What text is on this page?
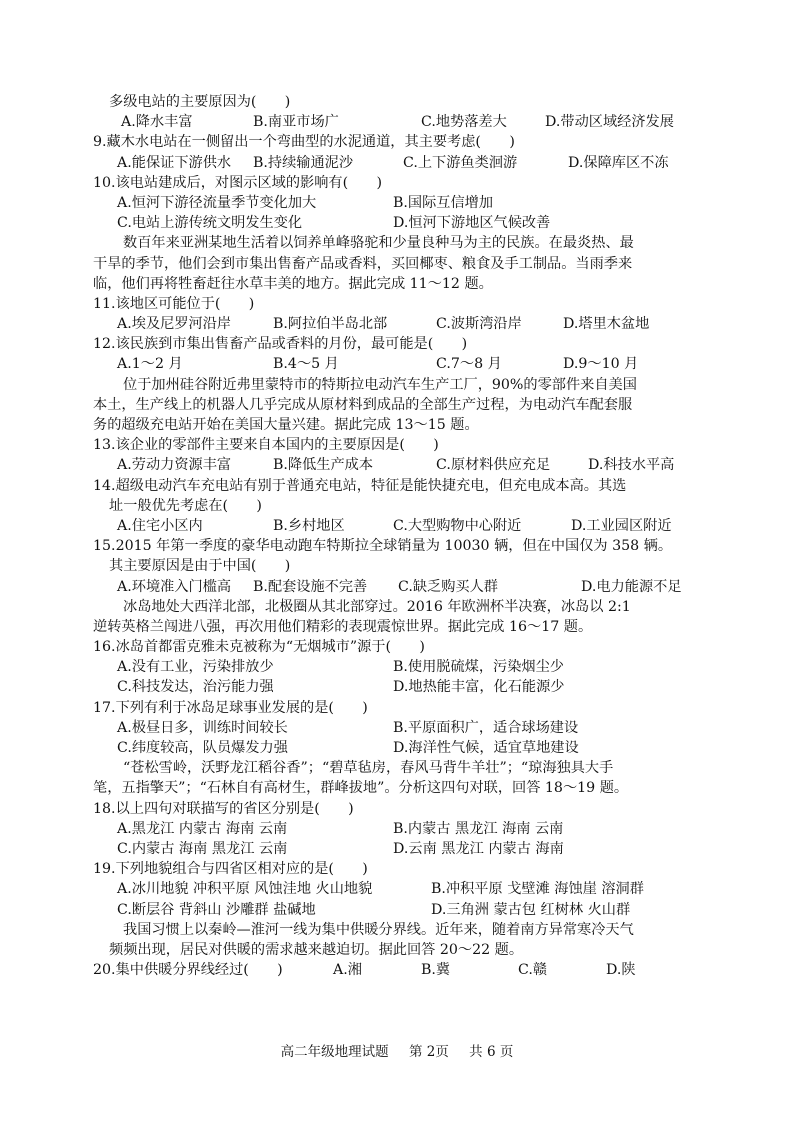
多级电站的主要原因为(　　)
A.降水丰富	B.南亚市场广	C.地势落差大	D.带动区域经济发展
9.藏木水电站在一侧留出一个弯曲型的水泥通道，其主要考虑(　　)
A.能保证下游供水 B.持续输通泥沙	C.上下游鱼类洄游	D.保障库区不冻
10.该电站建成后，对图示区域的影响有(　　)
A.恒河下游径流量季节变化加大	B.国际互信增加
C.电站上游传统文明发生变化	D.恒河下游地区气候改善
数百年来亚洲某地生活着以饲养单峰骆驼和少量良种马为主的民族。在最炎热、最
干旱的季节，他们会到市集出售畜产品或香料，买回椰枣、粮食及手工制品。当雨季来
临，他们再将牲畜赶往水草丰美的地方。据此完成 11～12 题。
11.该地区可能位于(　　)
A.埃及尼罗河沿岸	B.阿拉伯半岛北部	C.波斯湾沿岸	D.塔里木盆地
12.该民族到市集出售畜产品或香料的月份，最可能是(　　)
A.1～2 月	B.4～5 月	C.7～8 月	D.9～10 月
位于加州硅谷附近弗里蒙特市的特斯拉电动汽车生产工厂，90%的零部件来自美国
本土，生产线上的机器人几乎完成从原材料到成品的全部生产过程，为电动汽车配套服
务的超级充电站开始在美国大量兴建。据此完成 13～15 题。
13.该企业的零部件主要来自本国内的主要原因是(　　)
A.劳动力资源丰富	B.降低生产成本	C.原材料供应充足	D.科技水平高
14.超级电动汽车充电站有别于普通充电站，特征是能快捷充电，但充电成本高。其选
址一般优先考虑在(　　)
A.住宅小区内	B.乡村地区	C.大型购物中心附近	D.工业园区附近
15.2015 年第一季度的豪华电动跑车特斯拉全球销量为 10030 辆，但在中国仅为 358 辆。
其主要原因是由于中国(　　)
A.环境准入门槛高 B.配套设施不完善 C.缺乏购买人群	D.电力能源不足
冰岛地处大西洋北部，北极圈从其北部穿过。2016 年欧洲杯半决赛，冰岛以 2:1
逆转英格兰闯进八强，再次用他们精彩的表现震惊世界。据此完成 16～17 题。
16.冰岛首都雷克雅未克被称为“无烟城市”源于(　　)
A.没有工业，污染排放少	B.使用脱硫煤，污染烟尘少
C.科技发达，治污能力强	D.地热能丰富，化石能源少
17.下列有利于冰岛足球事业发展的是(　　)
A.极昼日多，训练时间较长	B.平原面积广，适合球场建设
C.纬度较高，队员爆发力强	D.海洋性气候，适宜草地建设
“苍松雪岭，沃野龙江稻谷香”；“碧草毡房，春风马背牛羊壮”；“琼海独具大手
笔，五指擎天”；“石林自有高材生，群峰拔地”。分析这四句对联，回答 18～19 题。
18.以上四句对联描写的省区分别是(　　)
A.黑龙江 内蒙古 海南 云南	B.内蒙古 黑龙江 海南 云南
C.内蒙古 海南 黑龙江 云南	D.云南 黑龙江 内蒙古 海南
19.下列地貌组合与四省区相对应的是(　　)
A.冰川地貌 冲积平原 风蚀洼地 火山地貌	B.冲积平原 戈壁滩 海蚀崖 溶洞群
C.断层谷 背斜山 沙雕群 盐碱地	D.三角洲 蒙古包 红树林 火山群
我国习惯上以秦岭—淮河一线为集中供暖分界线。近年来，随着南方异常寒冷天气
频频出现，居民对供暖的需求越来越迫切。据此回答 20～22 题。
20.集中供暖分界线经过(　　)	A.湘	B.冀	C.赣	D.陕
高二年级地理试题 第 2页 共 6 页
